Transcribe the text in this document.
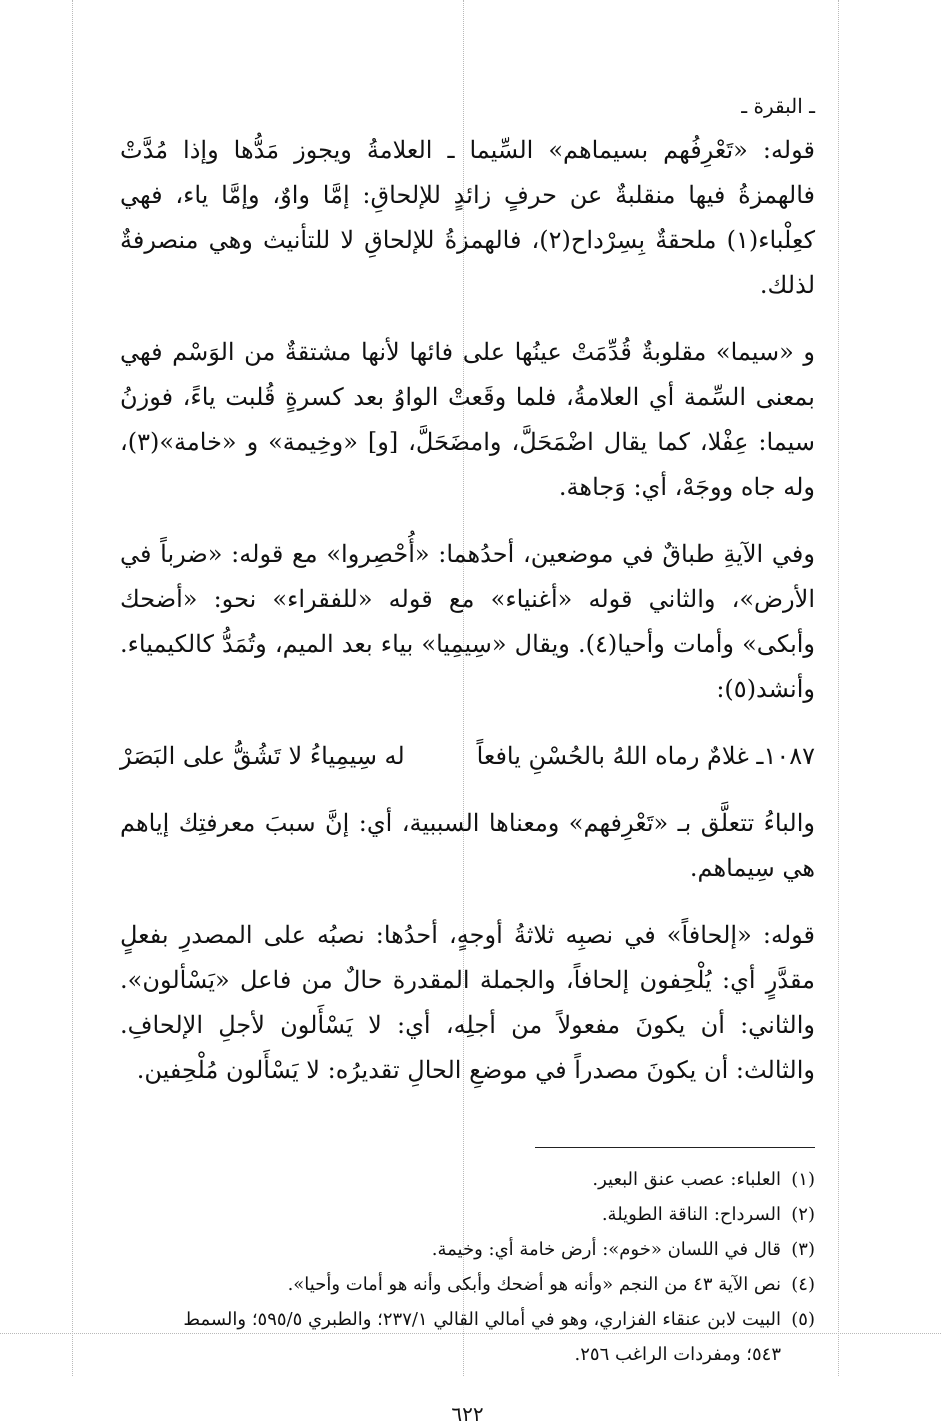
ـ البقرة ـ

قوله: «تَعْرِفُهم بسيماهم» السِّيما ـ العلامةُ ويجوز مَدُّها وإذا مُدَّتْ فالهمزةُ فيها منقلبةٌ عن حرفٍ زائدٍ للإلحاقِ: إمَّا واوٌ، وإمَّا ياء، فهي كعِلْباء(١) ملحقةٌ بِسِرْداح(٢)، فالهمزةُ للإلحاقِ لا للتأنيث وهي منصرفةٌ لذلك.

و «سيما» مقلوبةٌ قُدِّمَتْ عينُها على فائها لأنها مشتقةٌ من الوَسْم فهي بمعنى السِّمة أي العلامةُ، فلما وقَعتْ الواوُ بعد كسرةٍ قُلبت ياءً، فوزنُ سيما: عِفْلا، كما يقال اضْمَحَلَّ، وامضَحَلَّ، [و] «وخِيمة» و «خامة»(٣)، وله جاه ووجَهْ، أي: وَجاهة.

وفي الآيةِ طباقٌ في موضعين، أحدُهما: «أُحْصِروا» مع قوله: «ضرباً في الأرض»، والثاني قوله «أغنياء» مع قوله «للفقراء» نحو: «أضحك وأبكى» وأمات وأحيا(٤). ويقال «سِيمِيا» بياء بعد الميم، وتُمَدُّ كالكيمياء. وأنشد(٥):

١٠٨٧ـ غلامٌ رماه اللهُ بالحُسْنِ يافعاً
له سِيمِياءُ لا تَشُقُّ على البَصَرْ

والباءُ تتعلَّق بـ «تَعْرِفهم» ومعناها السببية، أي: إنَّ سببَ معرفتِك إياهم هي سِيماهم.

قوله: «إلحافاً» في نصبِه ثلاثةُ أوجهٍ، أحدُها: نصبُه على المصدرِ بفعلٍ مقدَّرٍ أي: يُلْحِفون إلحافاً، والجملة المقدرة حالٌ من فاعل «يَسْألون». والثاني: أن يكونَ مفعولاً من أجلِه، أي: لا يَسْأَلون لأجلِ الإلحافِ. والثالث: أن يكونَ مصدراً في موضعِ الحالِ تقديرُه: لا يَسْأَلون مُلْحِفين.

(١)العلباء: عصب عنق البعير.

(٢)السرداح: الناقة الطويلة.

(٣)قال في اللسان «خوم»: أرض خامة أي: وخيمة.

(٤)نص الآية ٤٣ من النجم «وأنه هو أضحك وأبكى وأنه هو أمات وأحيا».

(٥)البيت لابن عنقاء الفزاري، وهو في أمالي القالي ٢٣٧/١؛ والطبري ٥٩٥/٥؛ والسمط

٥٤٣؛ ومفردات الراغب ٢٥٦.

٦٢٢
